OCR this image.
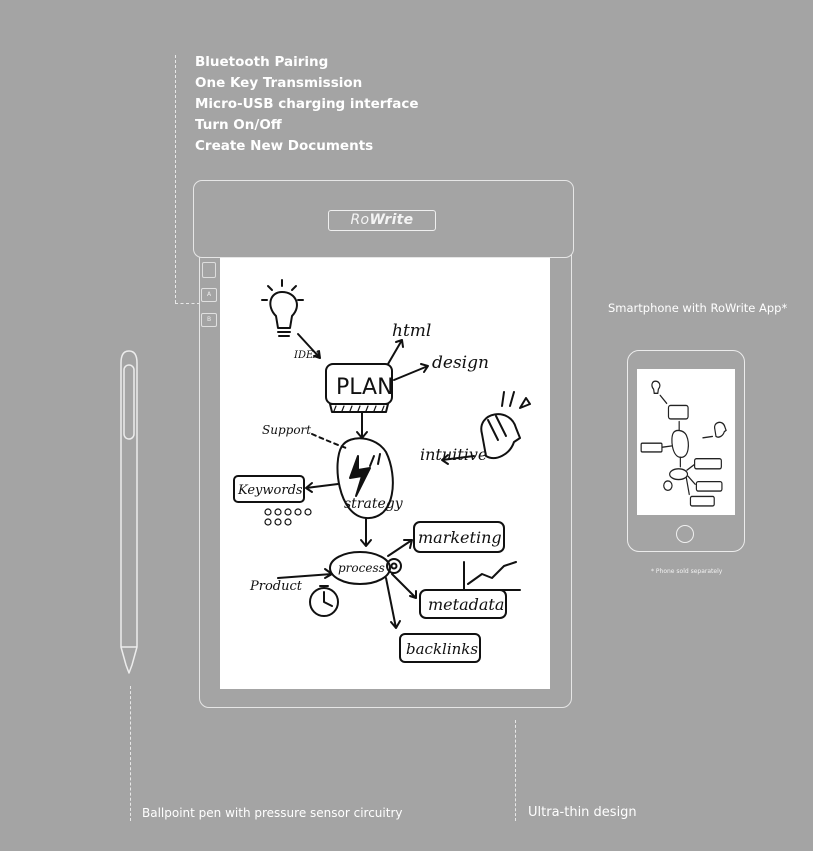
Bluetooth Pairing
One Key Transmission
Micro-USB charging interface
Turn On/Off
Create New Documents
IDEA
html
design
PLAN
Support
intuitive
Keywords
strategy
marketing
process
Product
metadata
backlinks
RoWrite
A
B
Ballpoint pen with pressure sensor circuitry	Ultra-thin design
Smartphone with RoWrite App*
* Phone sold separately
